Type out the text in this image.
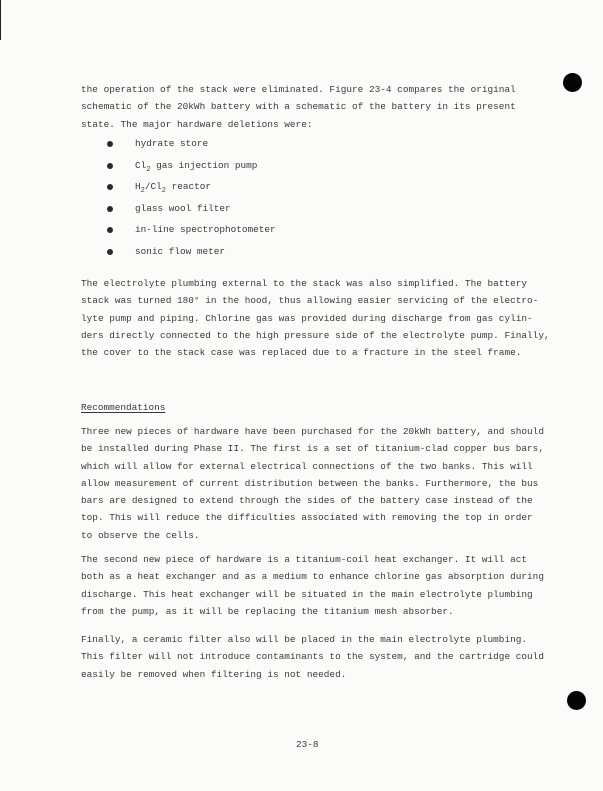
the operation of the stack were eliminated. Figure 23-4 compares the original
schematic of the 20kWh battery with a schematic of the battery in its present
state. The major hardware deletions were:
hydrate store
$Cl_2$ gas injection pump
$H_2/Cl_2$ reactor
glass wool filter
in-line spectrophotometer
sonic flow meter
The electrolyte plumbing external to the stack was also simplified. The battery
stack was turned 180° in the hood, thus allowing easier servicing of the electro-
lyte pump and piping. Chlorine gas was provided during discharge from gas cylin-
ders directly connected to the high pressure side of the electrolyte pump. Finally,
the cover to the stack case was replaced due to a fracture in the steel frame.
Recommendations
Three new pieces of hardware have been purchased for the 20kWh battery, and should
be installed during Phase II. The first is a set of titanium-clad copper bus bars,
which will allow for external electrical connections of the two banks. This will
allow measurement of current distribution between the banks. Furthermore, the bus
bars are designed to extend through the sides of the battery case instead of the
top. This will reduce the difficulties associated with removing the top in order
to observe the cells.
The second new piece of hardware is a titanium-coil heat exchanger. It will act
both as a heat exchanger and as a medium to enhance chlorine gas absorption during
discharge. This heat exchanger will be situated in the main electrolyte plumbing
from the pump, as it will be replacing the titanium mesh absorber.
Finally, a ceramic filter also will be placed in the main electrolyte plumbing.
This filter will not introduce contaminants to the system, and the cartridge could
easily be removed when filtering is not needed.
23-8
